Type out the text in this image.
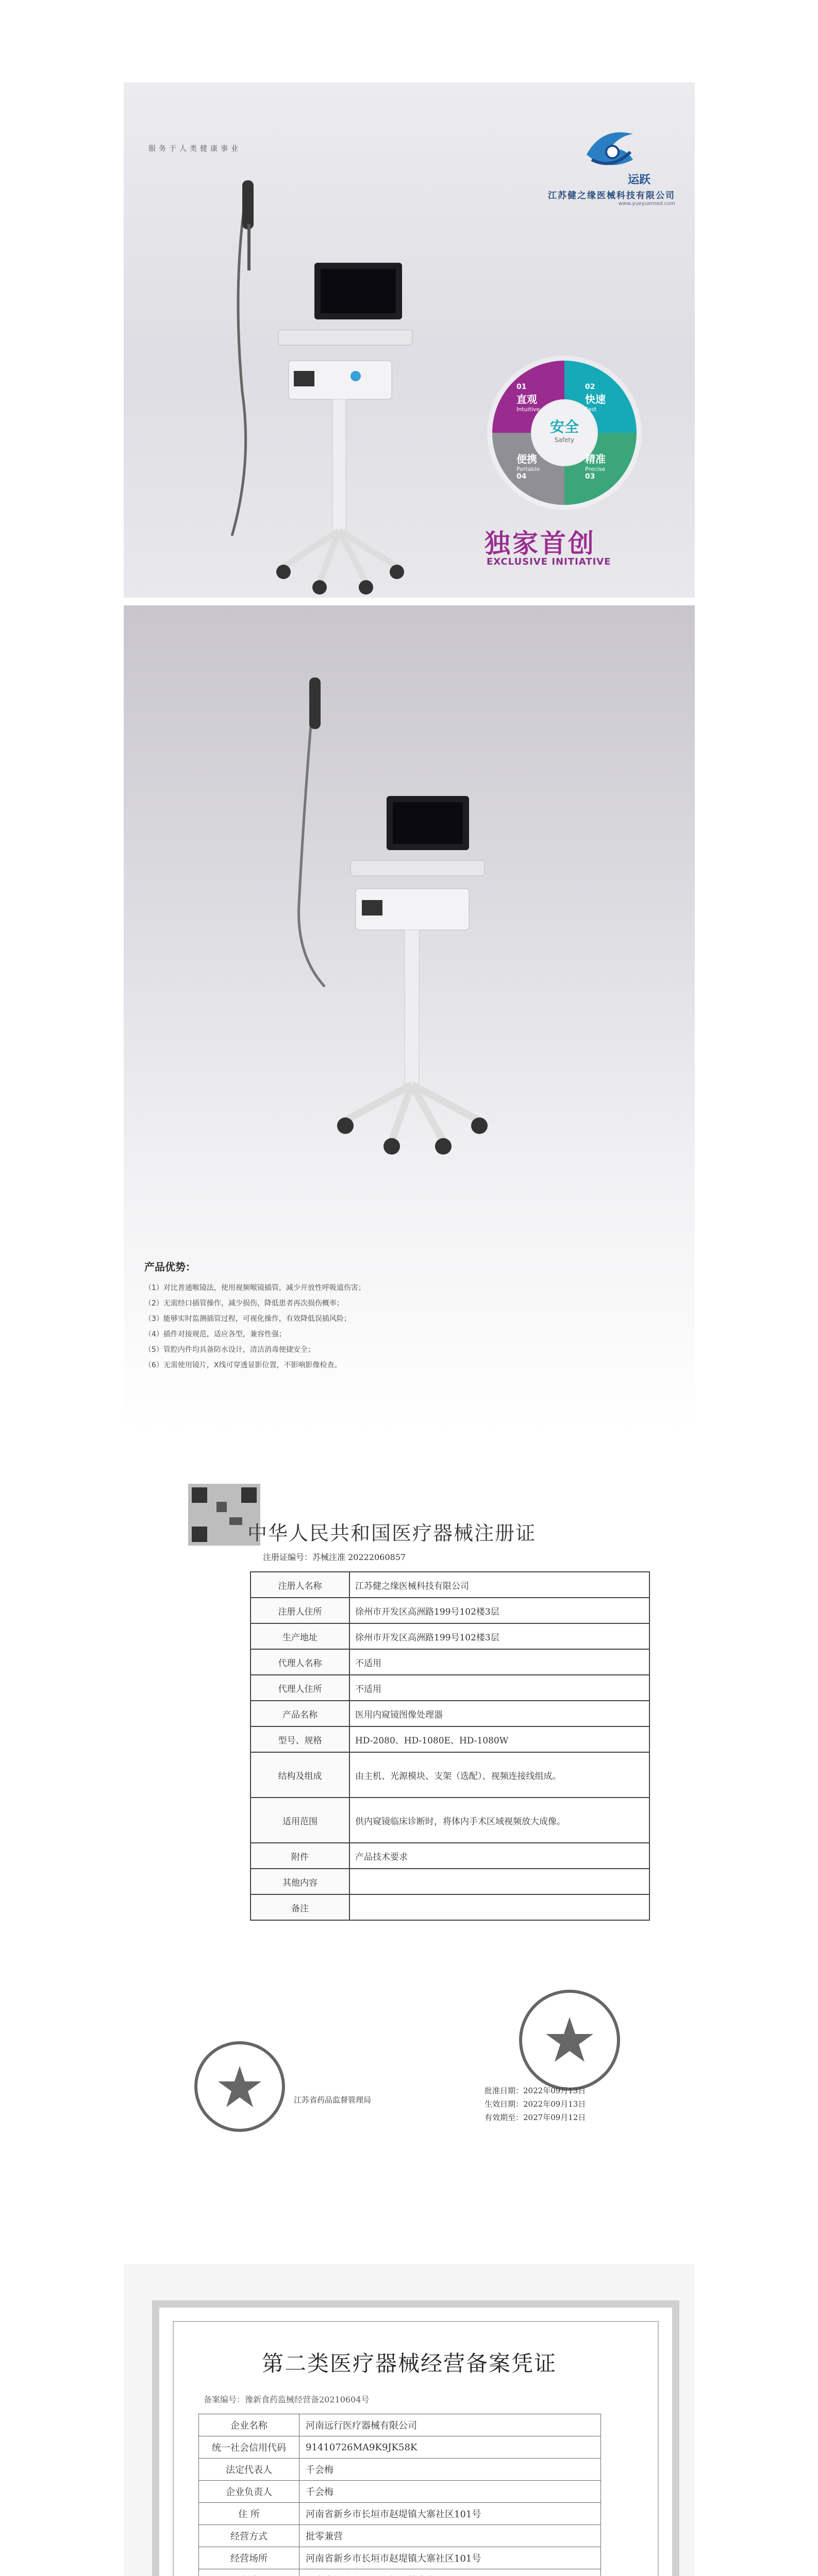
服务于人类健康事业
运跃
江苏健之缘医械科技有限公司
www.yueyuemed.com
01
直观
Intuitive
02
快速
Fast
精准
Precise
03
便携
Portable
04
安全
Safety
独家首创
EXCLUSIVE INITIATIVE
产品优势：
（1）对比普通喉镜法，使用视频喉镜插管，减少开放性呼吸道伤害；
（2）无需经口插管操作，减少损伤，降低患者再次损伤概率；
（3）能够实时监测插管过程，可视化操作，有效降低误插风险；
（4）插件对接规范，适应各型，兼容性强；
（5）管腔内件均具备防水设计，清洁消毒便捷安全；
（6）无需使用镜片，X线可穿透显影位置，不影响影像检查。
中华人民共和国医疗器械注册证
注册证编号：苏械注准 20222060857
注册人名称	江苏健之缘医械科技有限公司
注册人住所	徐州市开发区高洲路199号102楼3层
生产地址	徐州市开发区高洲路199号102楼3层
代理人名称	不适用
代理人住所	不适用
产品名称	医用内窥镜图像处理器
型号、规格	HD-2080、HD-1080E、HD-1080W
结构及组成	由主机、光源模块、支架（选配）、视频连接线组成。
适用范围	供内窥镜临床诊断时，将体内手术区域视频放大成像。
附件	产品技术要求
其他内容	
备注	
江苏省药品监督管理局
批准日期：2022年09月13日
生效日期：2022年09月13日
有效期至：2027年09月12日
第二类医疗器械经营备案凭证
备案编号：豫新食药监械经营备20210604号
企业名称	河南远行医疗器械有限公司
统一社会信用代码	91410726MA9K9JK58K
法定代表人	千会梅
企业负责人	千会梅
住 所	河南省新乡市长垣市赵堤镇大寨社区101号
经营方式	批零兼营
经营场所	河南省新乡市长垣市赵堤镇大寨社区101号
